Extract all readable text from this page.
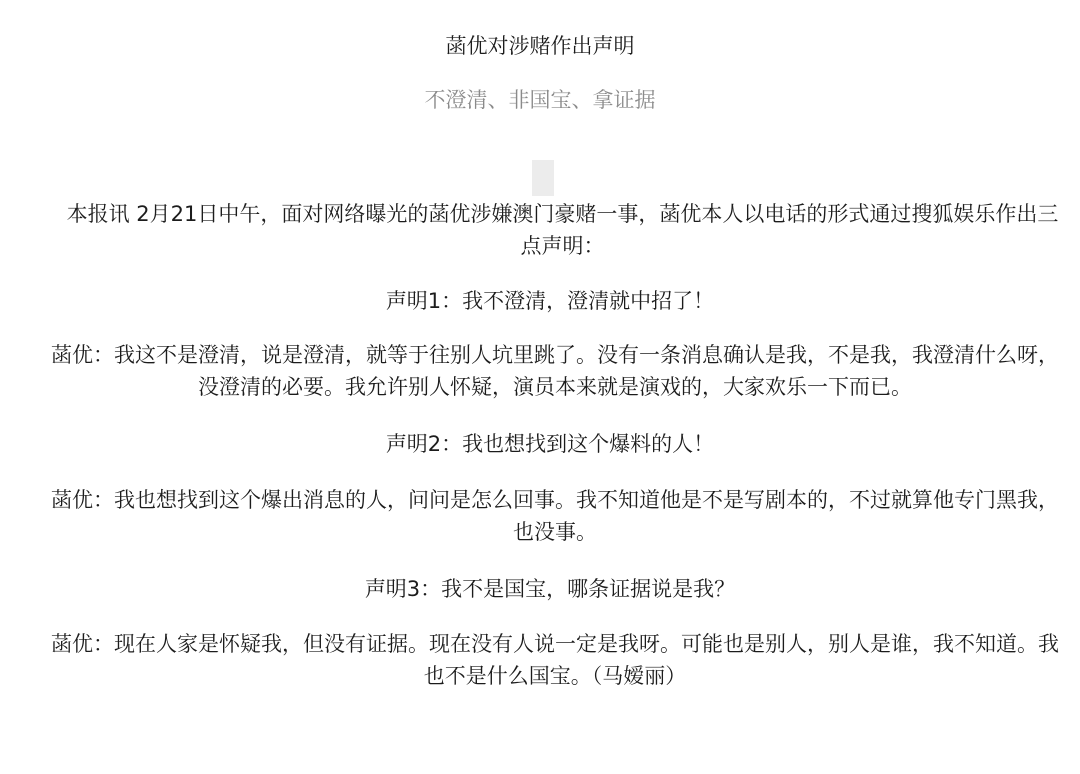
菡优对涉赌作出声明
不澄清、非国宝、拿证据
本报讯 2月21日中午，面对网络曝光的菡优涉嫌澳门豪赌一事，菡优本人以电话的形式通过搜狐娱乐作出三点声明：
声明1：我不澄清，澄清就中招了！
菡优：我这不是澄清，说是澄清，就等于往别人坑里跳了。没有一条消息确认是我，不是我，我澄清什么呀，没澄清的必要。我允许别人怀疑，演员本来就是演戏的，大家欢乐一下而已。
声明2：我也想找到这个爆料的人！
菡优：我也想找到这个爆出消息的人，问问是怎么回事。我不知道他是不是写剧本的，不过就算他专门黑我，也没事。
声明3：我不是国宝，哪条证据说是我？
菡优：现在人家是怀疑我，但没有证据。现在没有人说一定是我呀。可能也是别人，别人是谁，我不知道。我也不是什么国宝。（马嫒丽）
